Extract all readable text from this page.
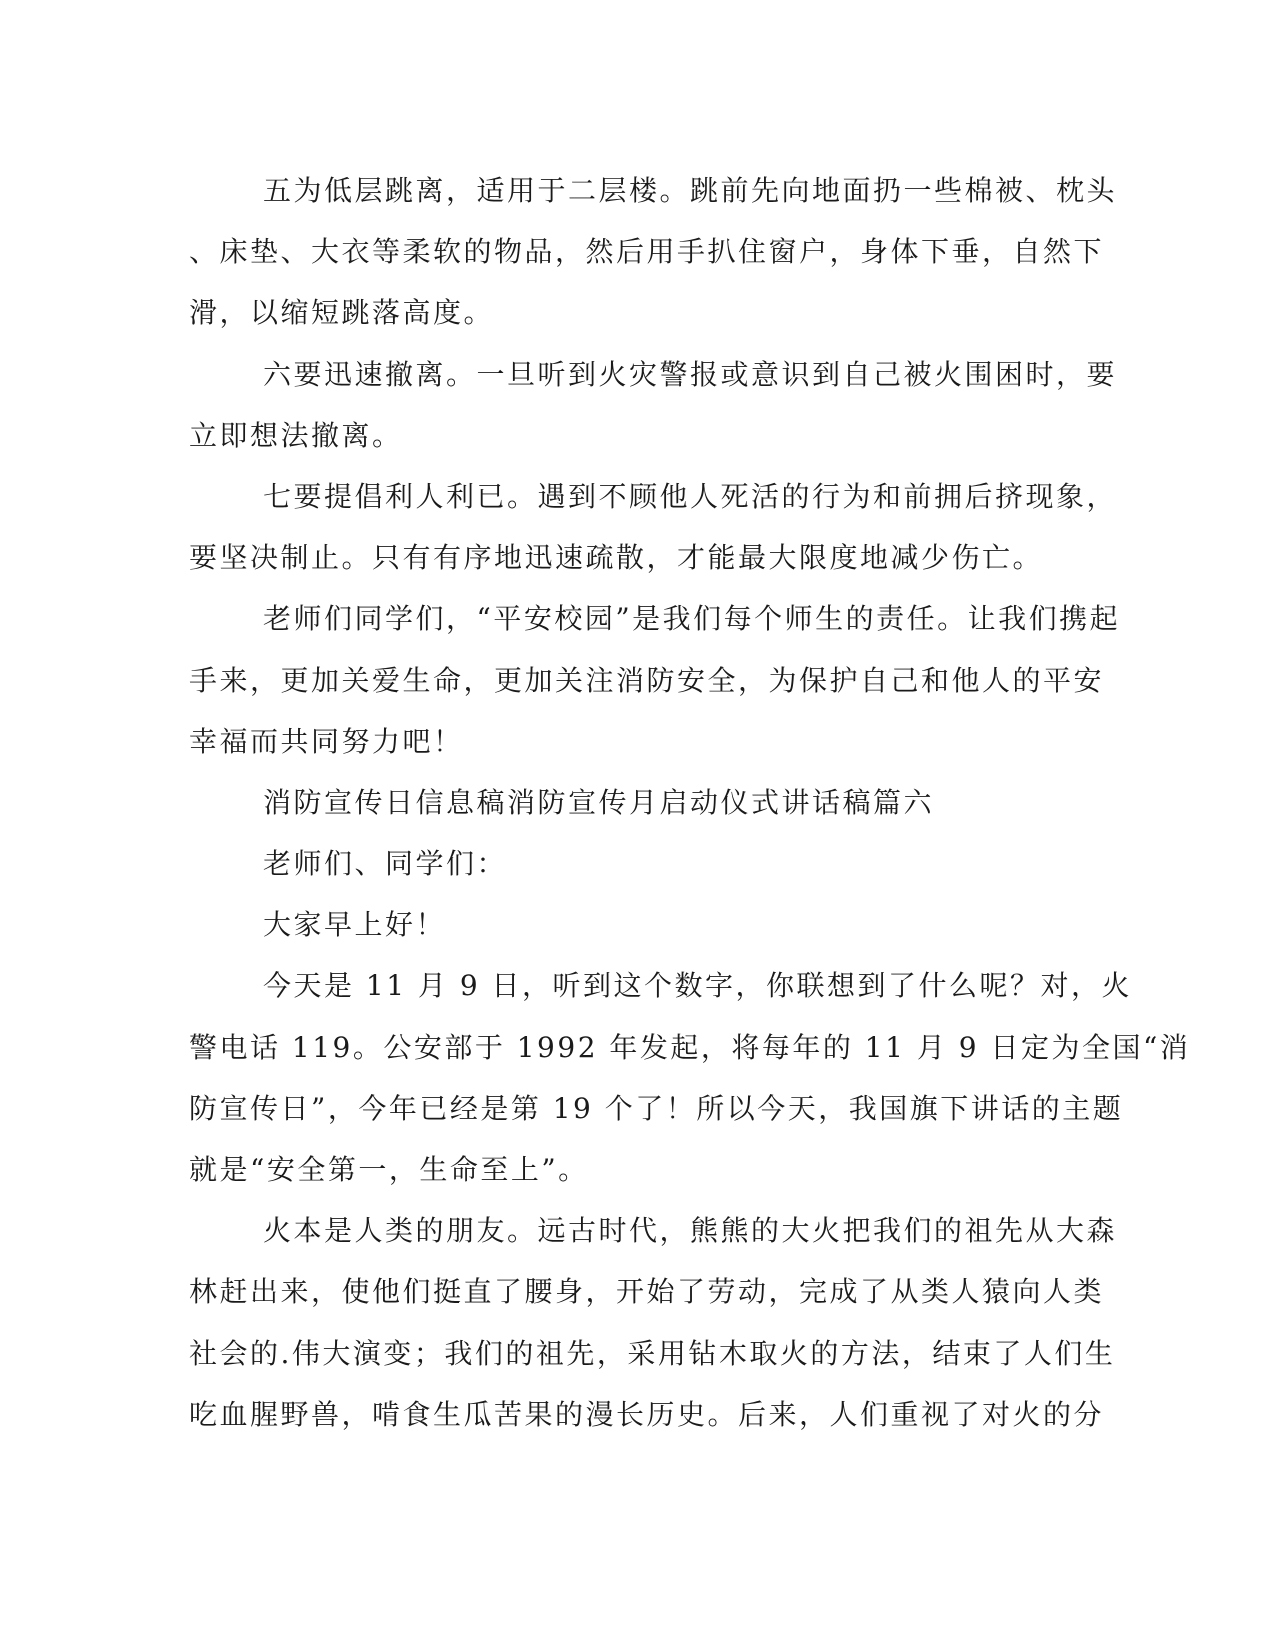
五为低层跳离，适用于二层楼。跳前先向地面扔一些棉被、枕头
、床垫、大衣等柔软的物品，然后用手扒住窗户，身体下垂，自然下
滑，以缩短跳落高度。
六要迅速撤离。一旦听到火灾警报或意识到自己被火围困时，要
立即想法撤离。
七要提倡利人利已。遇到不顾他人死活的行为和前拥后挤现象，
要坚决制止。只有有序地迅速疏散，才能最大限度地减少伤亡。
老师们同学们，“平安校园”是我们每个师生的责任。让我们携起
手来，更加关爱生命，更加关注消防安全，为保护自己和他人的平安
幸福而共同努力吧！
消防宣传日信息稿消防宣传月启动仪式讲话稿篇六
老师们、同学们：
大家早上好！
今天是 11 月 9 日，听到这个数字，你联想到了什么呢？对，火
警电话 119。公安部于 1992 年发起，将每年的 11 月 9 日定为全国“消
防宣传日”，今年已经是第 19 个了！所以今天，我国旗下讲话的主题
就是“安全第一，生命至上”。
火本是人类的朋友。远古时代，熊熊的大火把我们的祖先从大森
林赶出来，使他们挺直了腰身，开始了劳动，完成了从类人猿向人类
社会的.伟大演变；我们的祖先，采用钻木取火的方法，结束了人们生
吃血腥野兽，啃食生瓜苦果的漫长历史。后来，人们重视了对火的分
